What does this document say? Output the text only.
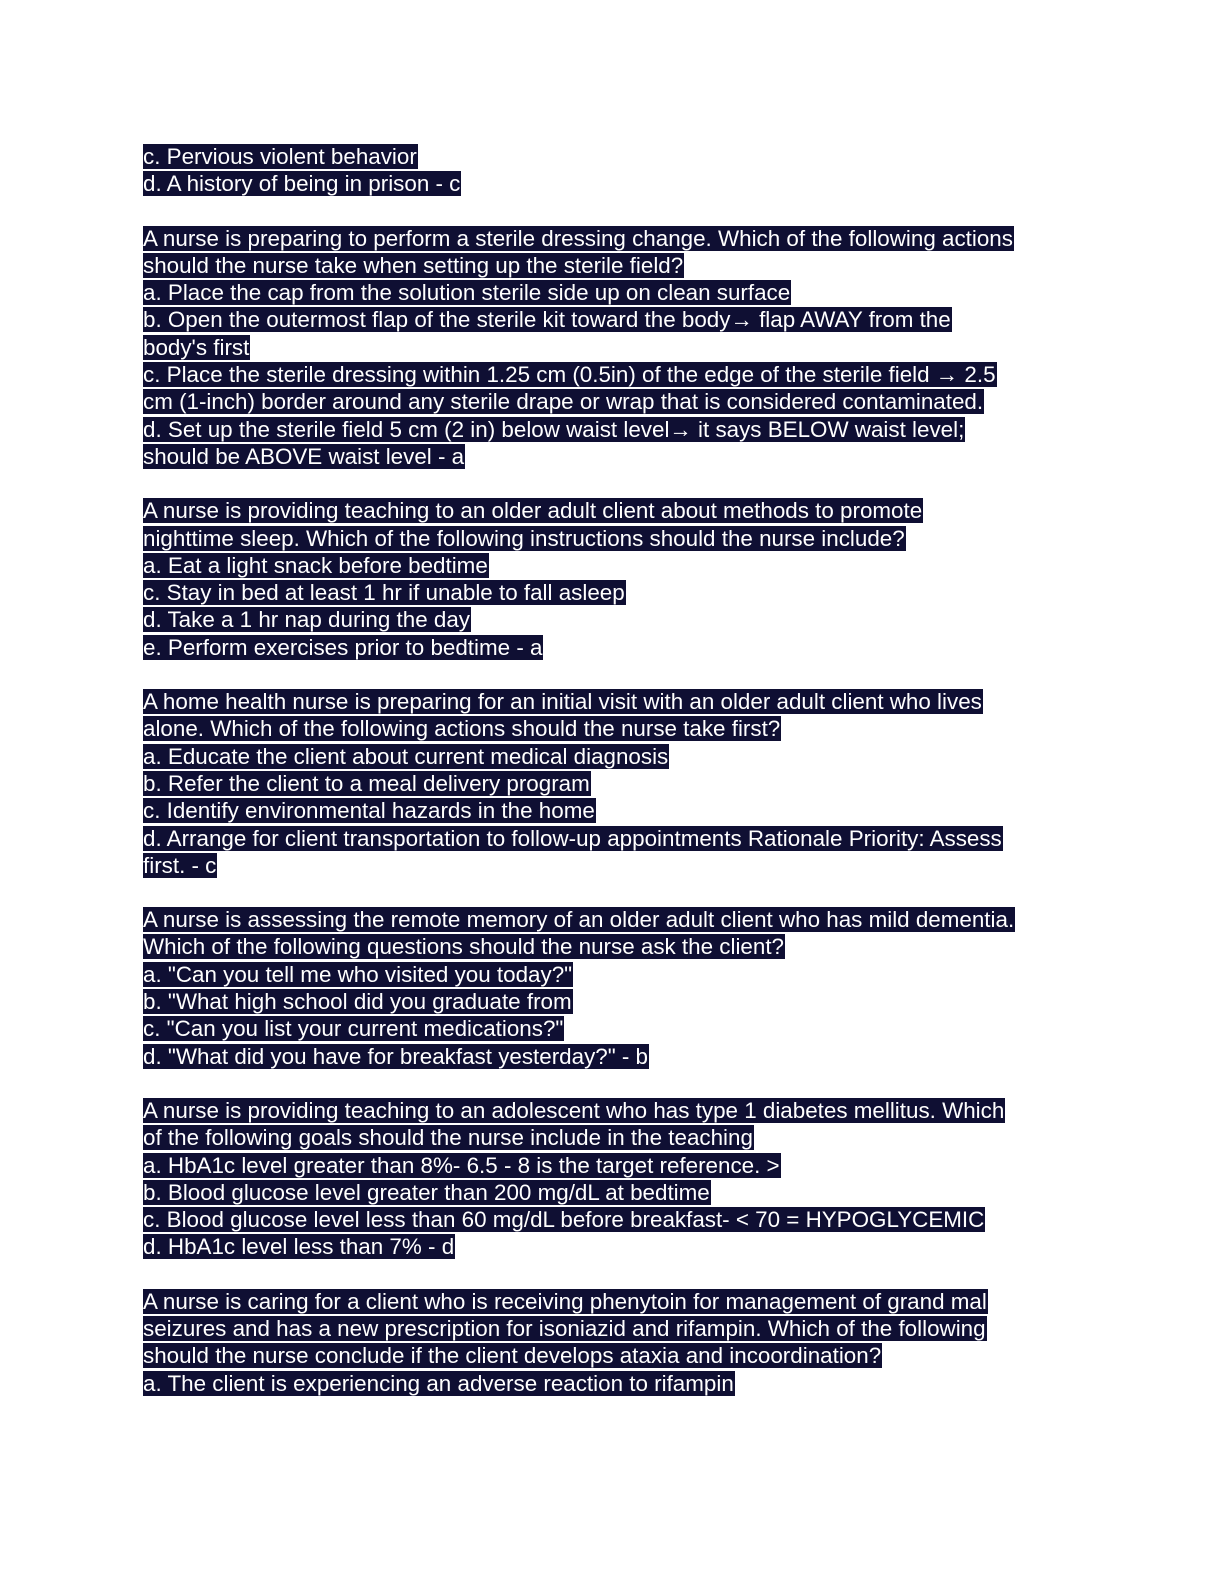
c. Pervious violent behavior
d. A history of being in prison - c
A nurse is preparing to perform a sterile dressing change. Which of the following actions
should the nurse take when setting up the sterile field?
a. Place the cap from the solution sterile side up on clean surface
b. Open the outermost flap of the sterile kit toward the body→ flap AWAY from the
body's first
c. Place the sterile dressing within 1.25 cm (0.5in) of the edge of the sterile field → 2.5
cm (1-inch) border around any sterile drape or wrap that is considered contaminated.
d. Set up the sterile field 5 cm (2 in) below waist level→ it says BELOW waist level;
should be ABOVE waist level - a
A nurse is providing teaching to an older adult client about methods to promote
nighttime sleep. Which of the following instructions should the nurse include?
a. Eat a light snack before bedtime
c. Stay in bed at least 1 hr if unable to fall asleep
d. Take a 1 hr nap during the day
e. Perform exercises prior to bedtime - a
A home health nurse is preparing for an initial visit with an older adult client who lives
alone. Which of the following actions should the nurse take first?
a. Educate the client about current medical diagnosis
b. Refer the client to a meal delivery program
c. Identify environmental hazards in the home
d. Arrange for client transportation to follow-up appointments Rationale Priority: Assess
first. - c
A nurse is assessing the remote memory of an older adult client who has mild dementia.
Which of the following questions should the nurse ask the client?
a. "Can you tell me who visited you today?"
b. "What high school did you graduate from
c. "Can you list your current medications?"
d. "What did you have for breakfast yesterday?" - b
A nurse is providing teaching to an adolescent who has type 1 diabetes mellitus. Which
of the following goals should the nurse include in the teaching
a. HbA1c level greater than 8%- 6.5 - 8 is the target reference. >
b. Blood glucose level greater than 200 mg/dL at bedtime
c. Blood glucose level less than 60 mg/dL before breakfast- < 70 = HYPOGLYCEMIC
d. HbA1c level less than 7% - d
A nurse is caring for a client who is receiving phenytoin for management of grand mal
seizures and has a new prescription for isoniazid and rifampin. Which of the following
should the nurse conclude if the client develops ataxia and incoordination?
a. The client is experiencing an adverse reaction to rifampin
